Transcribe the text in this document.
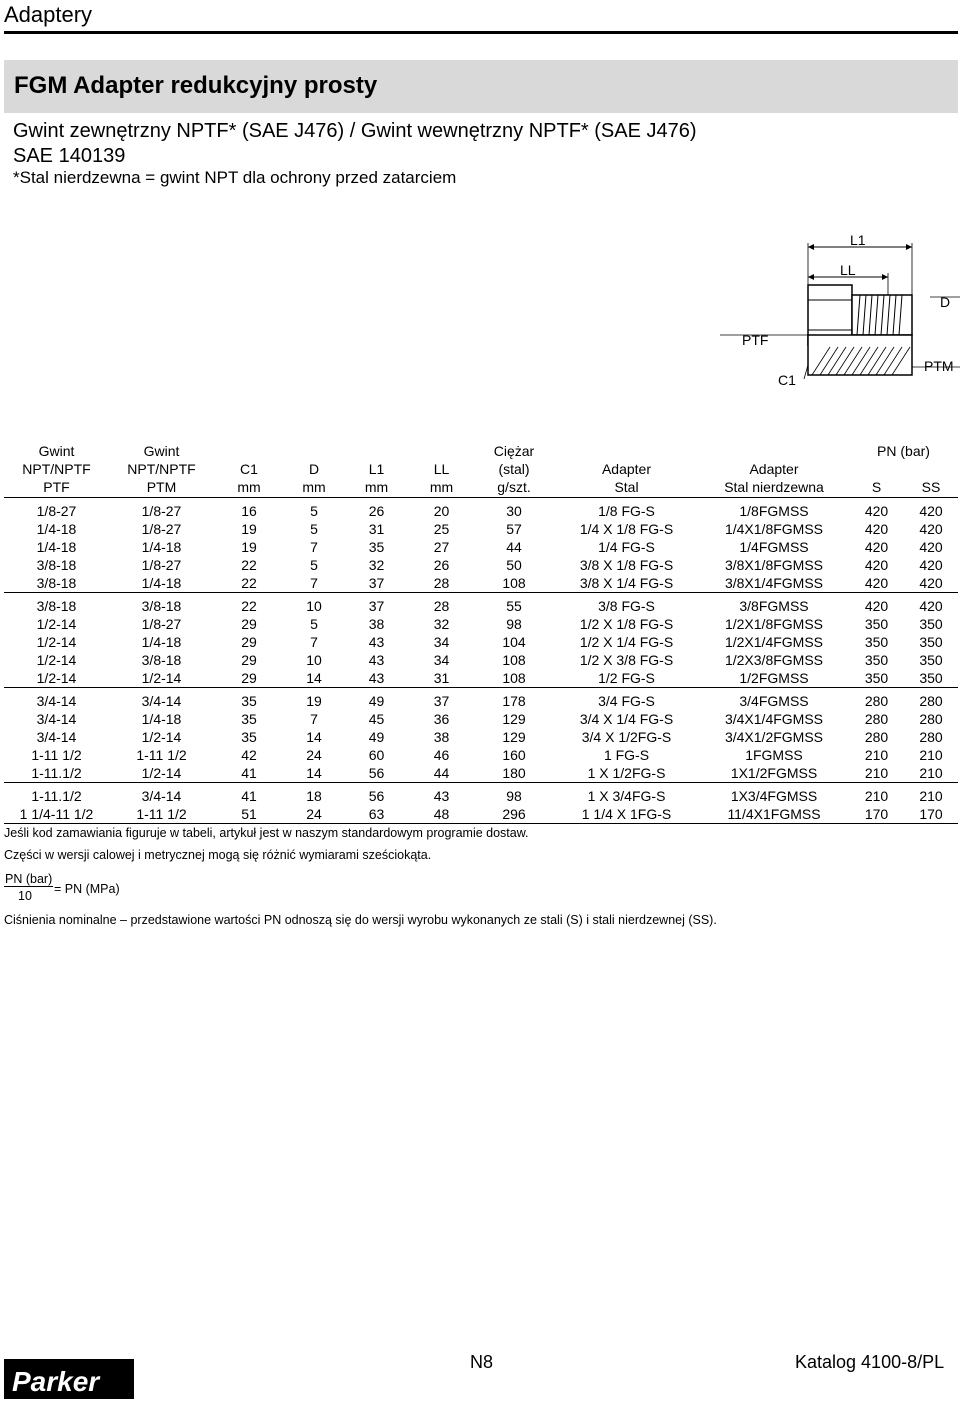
Adaptery
FGM Adapter redukcyjny prosty
Gwint zewnętrzny NPTF* (SAE J476) / Gwint wewnętrzny NPTF* (SAE J476)
SAE 140139
*Stal nierdzewna = gwint NPT dla ochrony przed zatarciem
L1
LL
D
PTF
PTM
C1
Gwint	Gwint					Ciężar			PN (bar)	
NPT/NPTF	NPT/NPTF	C1	D	L1	LL	(stal)	Adapter	Adapter		
PTF	PTM	mm	mm	mm	mm	g/szt.	Stal	Stal nierdzewna	S	SS
1/8-27	1/8-27	16	5	26	20	30	1/8 FG-S	1/8FGMSS	420	420
1/4-18	1/8-27	19	5	31	25	57	1/4 X 1/8 FG-S	1/4X1/8FGMSS	420	420
1/4-18	1/4-18	19	7	35	27	44	1/4 FG-S	1/4FGMSS	420	420
3/8-18	1/8-27	22	5	32	26	50	3/8 X 1/8 FG-S	3/8X1/8FGMSS	420	420
3/8-18	1/4-18	22	7	37	28	108	3/8 X 1/4 FG-S	3/8X1/4FGMSS	420	420
3/8-18	3/8-18	22	10	37	28	55	3/8 FG-S	3/8FGMSS	420	420
1/2-14	1/8-27	29	5	38	32	98	1/2 X 1/8 FG-S	1/2X1/8FGMSS	350	350
1/2-14	1/4-18	29	7	43	34	104	1/2 X 1/4 FG-S	1/2X1/4FGMSS	350	350
1/2-14	3/8-18	29	10	43	34	108	1/2 X 3/8 FG-S	1/2X3/8FGMSS	350	350
1/2-14	1/2-14	29	14	43	31	108	1/2 FG-S	1/2FGMSS	350	350
3/4-14	3/4-14	35	19	49	37	178	3/4 FG-S	3/4FGMSS	280	280
3/4-14	1/4-18	35	7	45	36	129	3/4 X 1/4 FG-S	3/4X1/4FGMSS	280	280
3/4-14	1/2-14	35	14	49	38	129	3/4 X 1/2FG-S	3/4X1/2FGMSS	280	280
1-11 1/2	1-11 1/2	42	24	60	46	160	1 FG-S	1FGMSS	210	210
1-11.1/2	1/2-14	41	14	56	44	180	1 X 1/2FG-S	1X1/2FGMSS	210	210
1-11.1/2	3/4-14	41	18	56	43	98	1 X 3/4FG-S	1X3/4FGMSS	210	210
1 1/4-11 1/2	1-11 1/2	51	24	63	48	296	1 1/4 X 1FG-S	11/4X1FGMSS	170	170
Jeśli kod zamawiania figuruje w tabeli, artykuł jest w naszym standardowym programie dostaw.
Części w wersji calowej i metrycznej mogą się różnić wymiarami sześciokąta.
PN (bar)
10	= PN (MPa)
Ciśnienia nominalne – przedstawione wartości PN odnoszą się do wersji wyrobu wykonanych ze stali (S) i stali nierdzewnej (SS).
Parker
N8	Katalog 4100-8/PL
